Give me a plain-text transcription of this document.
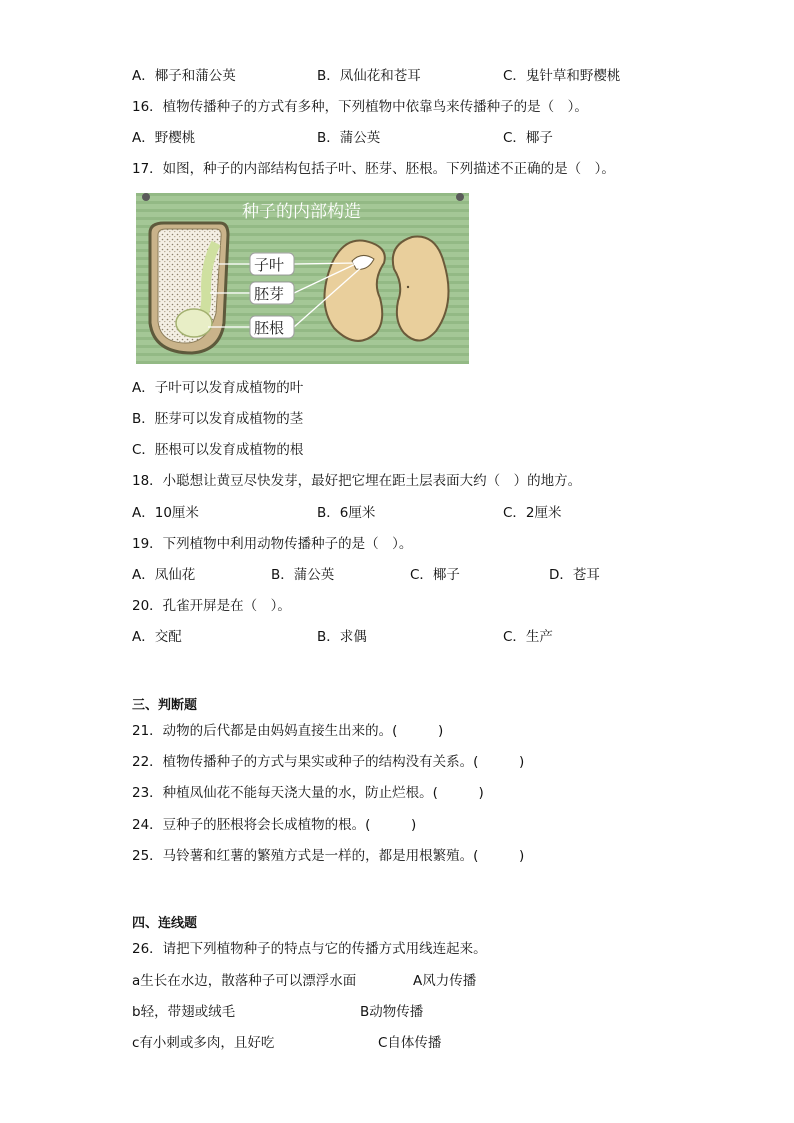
A．椰子和蒲公英	B．凤仙花和苍耳	C．鬼针草和野樱桃
16．植物传播种子的方式有多种，下列植物中依靠鸟来传播种子的是（　）。
A．野樱桃	B．蒲公英	C．椰子
17．如图，种子的内部结构包括子叶、胚芽、胚根。下列描述不正确的是（　）。
种子的内部构造
子叶
胚芽
胚根
A．子叶可以发育成植物的叶
B．胚芽可以发育成植物的茎
C．胚根可以发育成植物的根
18．小聪想让黄豆尽快发芽，最好把它埋在距土层表面大约（　）的地方。
A．10厘米	B．6厘米	C．2厘米
19．下列植物中利用动物传播种子的是（　）。
A．凤仙花	B．蒲公英	C．椰子	D．苍耳
20．孔雀开屏是在（　）。
A．交配	B．求偶	C．生产
三、判断题
21．动物的后代都是由妈妈直接生出来的。(　　　)
22．植物传播种子的方式与果实或种子的结构没有关系。(　　　)
23．种植凤仙花不能每天浇大量的水，防止烂根。(　　　)
24．豆种子的胚根将会长成植物的根。(　　　)
25．马铃薯和红薯的繁殖方式是一样的，都是用根繁殖。(　　　)
四、连线题
26．请把下列植物种子的特点与它的传播方式用线连起来。
a生长在水边，散落种子可以漂浮水面	A风力传播
b轻，带翅或绒毛	B动物传播
c有小刺或多肉，且好吃	C自体传播
